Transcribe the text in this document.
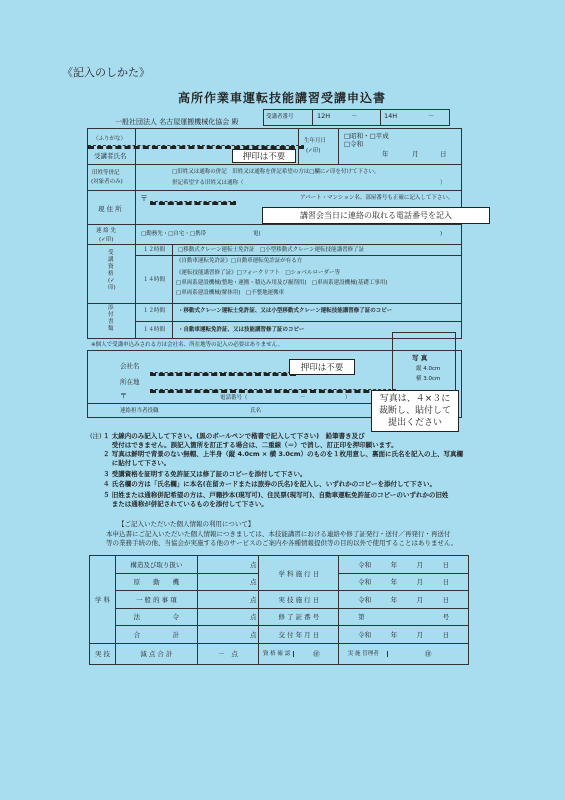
《記入のしかた》
高所作業車運転技能講習受講申込書
一般社団法人 名古屋運搬機械化協会 殿
受講者番号	12H	－	14H	－
（ふりがな）
受講者氏名
生年月日
(✓印)
□昭和・□平成
□令和
年	月	日
押印は不要
旧姓等併記
(対象者のみ)
□旧姓又は通称の併記　旧姓又は通称を併記希望の方は□欄に✓印を付けて下さい。
併記希望する旧姓又は通称（	）
現 住 所
〒	アパート・マンション名、部屋番号も正確に記入して下さい。
講習会当日に連絡の取れる電話番号を記入
連 絡 先
(✓印)
□勤務先・□自宅・□携帯	電(	)
受講資格(✓印)
１２時間 □移動式クレーン運転士免許証　□小型移動式クレーン運転技能講習修了証
１４時間
《自動車運転免許証》□自動車運転免許証が有る方
《運転技能講習修了証》□フォークリフト　□ショベルローダー等
□車両系建設機械(整地・運搬・積込み用及び掘削用)　□車両系建設機械(基礎工事用)
□車両系建設機械(解体用)　□不整地運搬車
添付書類
１２時間 ・移動式クレーン運転士免許証、又は小型移動式クレーン運転技能講習修了証のコピー
１４時間 ・自動車運転免許証、又は技能講習修了証のコピー
※個人で受講申込みされる方は会社名、所在地等の記入の必要はありません。
会社名	押印は不要
所在地
〒	電話番号（	－	）
連絡担当者役職	氏名
写 真
縦 4.0cm
横 3.0cm
写真は、４×３に
裁断し、貼付して
提出ください
(注) １ 太線内のみ記入して下さい。(黒のボールペンで楷書で記入して下さい)　鉛筆書き及び
　 受付はできません。誤記入箇所を訂正する場合は、二重線（＝）で消し、訂正印を押印願います。
２ 写真は鮮明で背景のない無帽、上半身（縦 4.0cm × 横 3.0cm）のものを１枚用意し、裏面に氏名を記入の上、写真欄
　 に貼付して下さい。
３ 受講資格を証明する免許証又は修了証のコピーを添付して下さい。
４ 氏名欄の方は「氏名欄」に本名(在留カードまたは旅券の氏名)を記入し、いずれかのコピーを添付して下さい。
５ 旧姓または通称併記希望の方は、戸籍抄本(現写可)、住民票(現写可)、自動車運転免許証のコピーのいずれかの旧姓
　 または通称が併記されているものを添付して下さい。
【ご記入いただいた個人情報の利用について】
本申込書にご記入いただいた個人情報につきましては、本技能講習における連絡や修了証発行・送付／再発行・再送付
等の業務手続の他、当協会が実施する他のサービスのご案内や各種情報提供等の目的以外で使用することはありません。
学 科	構造及び取り扱い	点	学 科 施 行 日	令和　　　年　　　月　　　日
	原　　動　　機	点		令和　　　年　　　月　　　日
	一 般 的 事 項	点	実 技 施 行 日	令和　　　年　　　月　　　日
	法　　　　　令	点	修 了 証 番 号	第　　　　　　　　　　　　号
	合　　　　　計	点	交 付 年 月 日	令和　　　年　　　月　　　日
実 技	減 点 合 計	－　点	資 格 確 認 ㊞	実 施 管理者 ㊞
